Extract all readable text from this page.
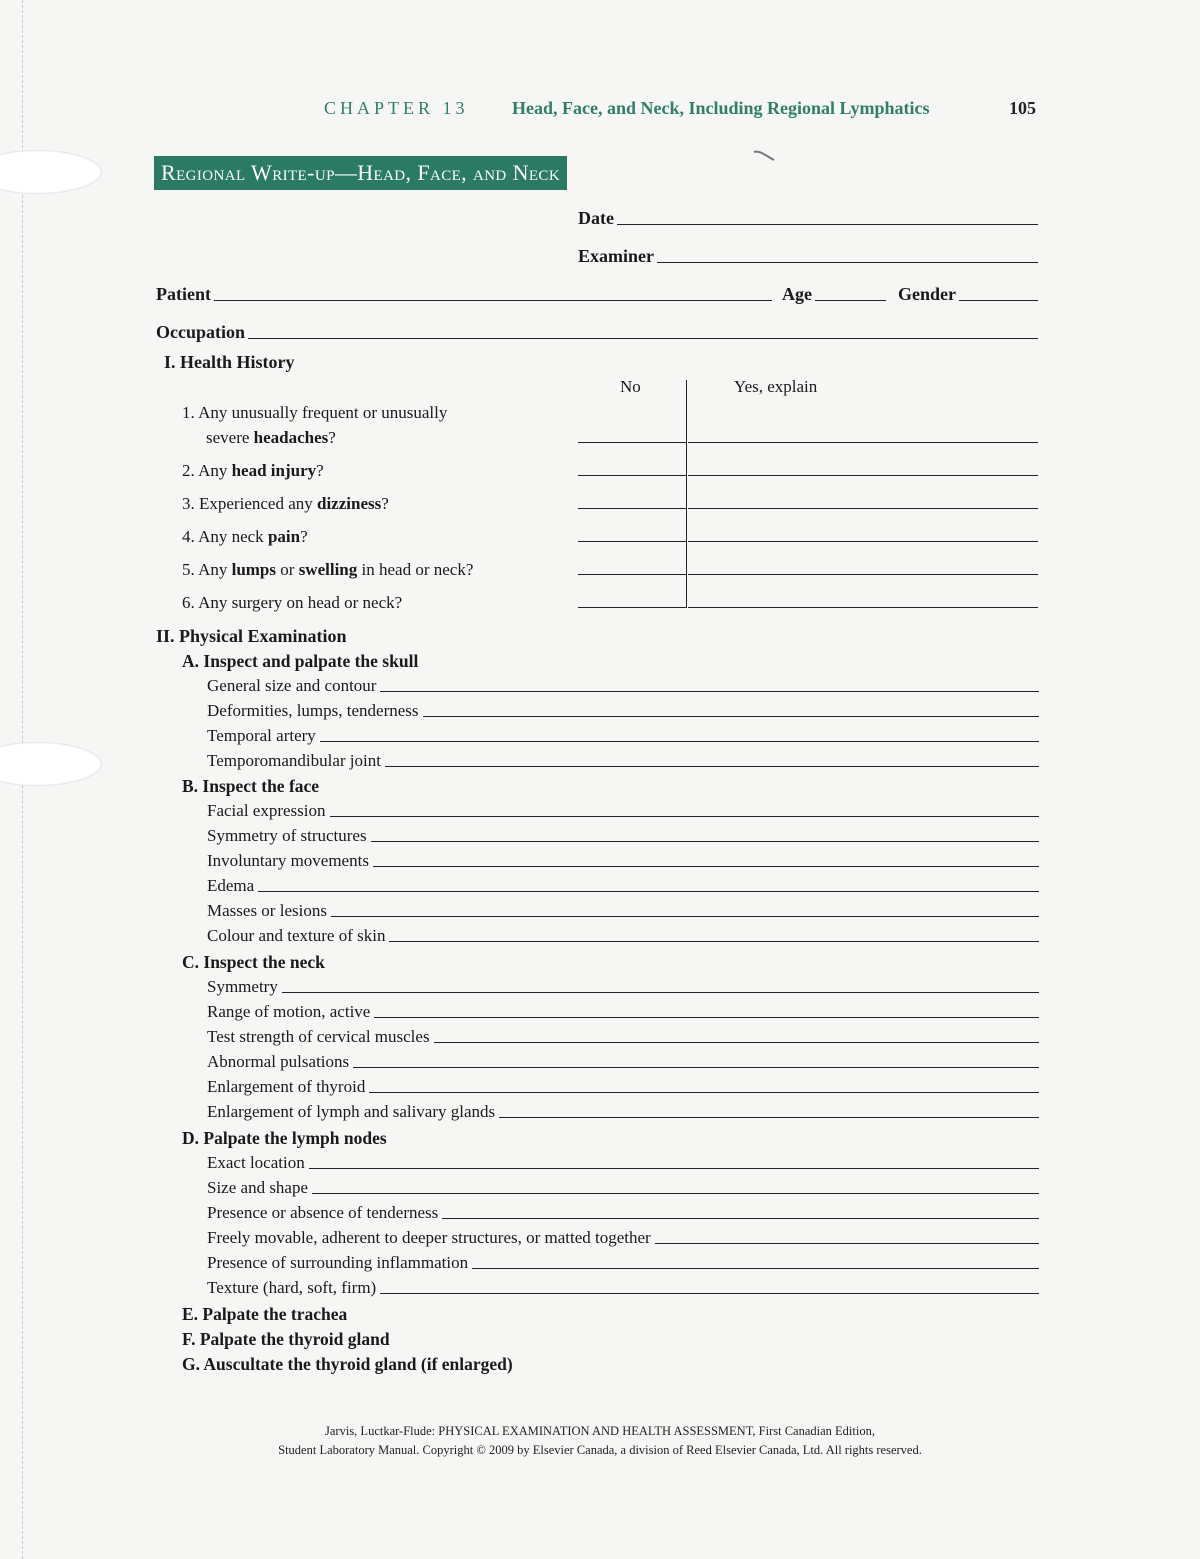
CHAPTER 13 Head, Face, and Neck, Including Regional Lymphatics	105
Regional Write-up—Head, Face, and Neck
Date
Examiner
Patient	Age	Gender
Occupation
I. Health History
No	Yes, explain
1. Any unusually frequent or unusually
severe headaches?
2. Any head injury?
3. Experienced any dizziness?
4. Any neck pain?
5. Any lumps or swelling in head or neck?
6. Any surgery on head or neck?
II. Physical Examination
A. Inspect and palpate the skull
General size and contour
Deformities, lumps, tenderness
Temporal artery
Temporomandibular joint
B. Inspect the face
Facial expression
Symmetry of structures
Involuntary movements
Edema
Masses or lesions
Colour and texture of skin
C. Inspect the neck
Symmetry
Range of motion, active
Test strength of cervical muscles
Abnormal pulsations
Enlargement of thyroid
Enlargement of lymph and salivary glands
D. Palpate the lymph nodes
Exact location
Size and shape
Presence or absence of tenderness
Freely movable, adherent to deeper structures, or matted together
Presence of surrounding inflammation
Texture (hard, soft, firm)
E. Palpate the trachea
F. Palpate the thyroid gland
G. Auscultate the thyroid gland (if enlarged)
Jarvis, Luctkar-Flude: PHYSICAL EXAMINATION AND HEALTH ASSESSMENT, First Canadian Edition,
Student Laboratory Manual. Copyright © 2009 by Elsevier Canada, a division of Reed Elsevier Canada, Ltd. All rights reserved.
